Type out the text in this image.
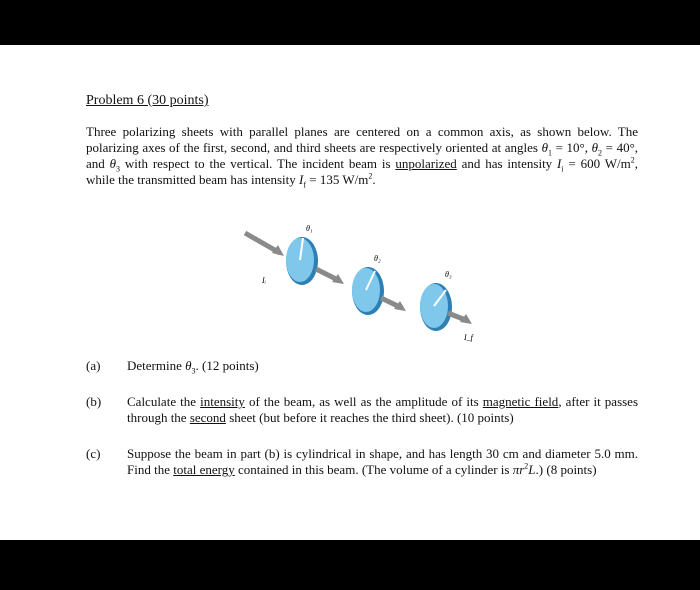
Problem 6 (30 points)

Three polarizing sheets with parallel planes are centered on a common axis, as shown below. The polarizing axes of the first, second, and third sheets are respectively oriented at angles $\theta_1 = 10^\circ$, $\theta_2 = 40^\circ$, and $\theta_3$ with respect to the vertical. The incident beam is unpolarized and has intensity $I_i = 600$ $W/m^2$, while the transmitted beam has intensity $I_f = 135$ $W/m^2$.

θ₁
Iᵢ
θ₂
θ₃
I_f
(a)	Determine $\theta_3$. (12 points)
(b)	Calculate the intensity of the beam, as well as the amplitude of its magnetic field, after it passes through the second sheet (but before it reaches the third sheet). (10 points)
(c)	Suppose the beam in part (b) is cylindrical in shape, and has length 30 cm and diameter 5.0 mm. Find the total energy contained in this beam. (The volume of a cylinder is $\pi r^2L$.) (8 points)
